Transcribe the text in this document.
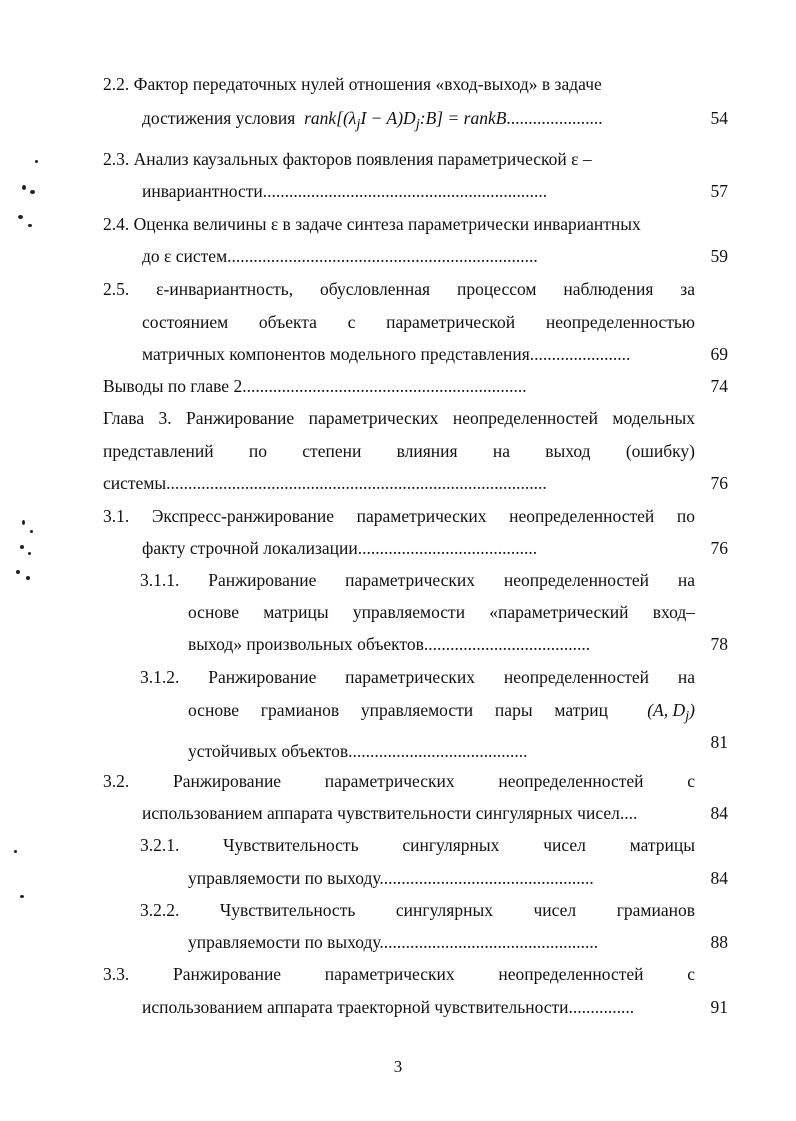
2.2. Фактор передаточных нулей отношения «вход-выход» в задаче
достижения условия $rank[(\lambda_jI$ − $A)D_j:B$] = rankB......................	54
2.3. Анализ каузальных факторов появления параметрической ε –
инвариантности.................................................................	57
2.4. Оценка величины ε в задаче синтеза параметрически инвариантных
до ε систем.......................................................................	59
2.5. ε-инвариантность, обусловленная процессом наблюдения за
состоянием объекта с параметрической неопределенностью
матричных компонентов модельного представления.......................	69
Выводы по главе 2.................................................................	74
Глава 3. Ранжирование параметрических неопределенностей модельных
представлений по степени влияния на выход (ошибку)
системы.......................................................................................	76
3.1. Экспресс-ранжирование параметрических неопределенностей по
факту строчной локализации.........................................	76
3.1.1. Ранжирование параметрических неопределенностей на
основе матрицы управляемости «параметрический вход–
выход» произвольных объектов......................................	78
3.1.2. Ранжирование параметрических неопределенностей на
основе грамианов управляемости пары матриц (A, $D_j$)
устойчивых объектов.........................................	81
3.2. Ранжирование параметрических неопределенностей с
использованием аппарата чувствительности сингулярных чисел....	84
3.2.1. Чувствительность сингулярных чисел матрицы
управляемости по выходу.................................................	84
3.2.2. Чувствительность сингулярных чисел грамианов
управляемости по выходу..................................................	88
3.3. Ранжирование параметрических неопределенностей с
использованием аппарата траекторной чувствительности...............	91
3
